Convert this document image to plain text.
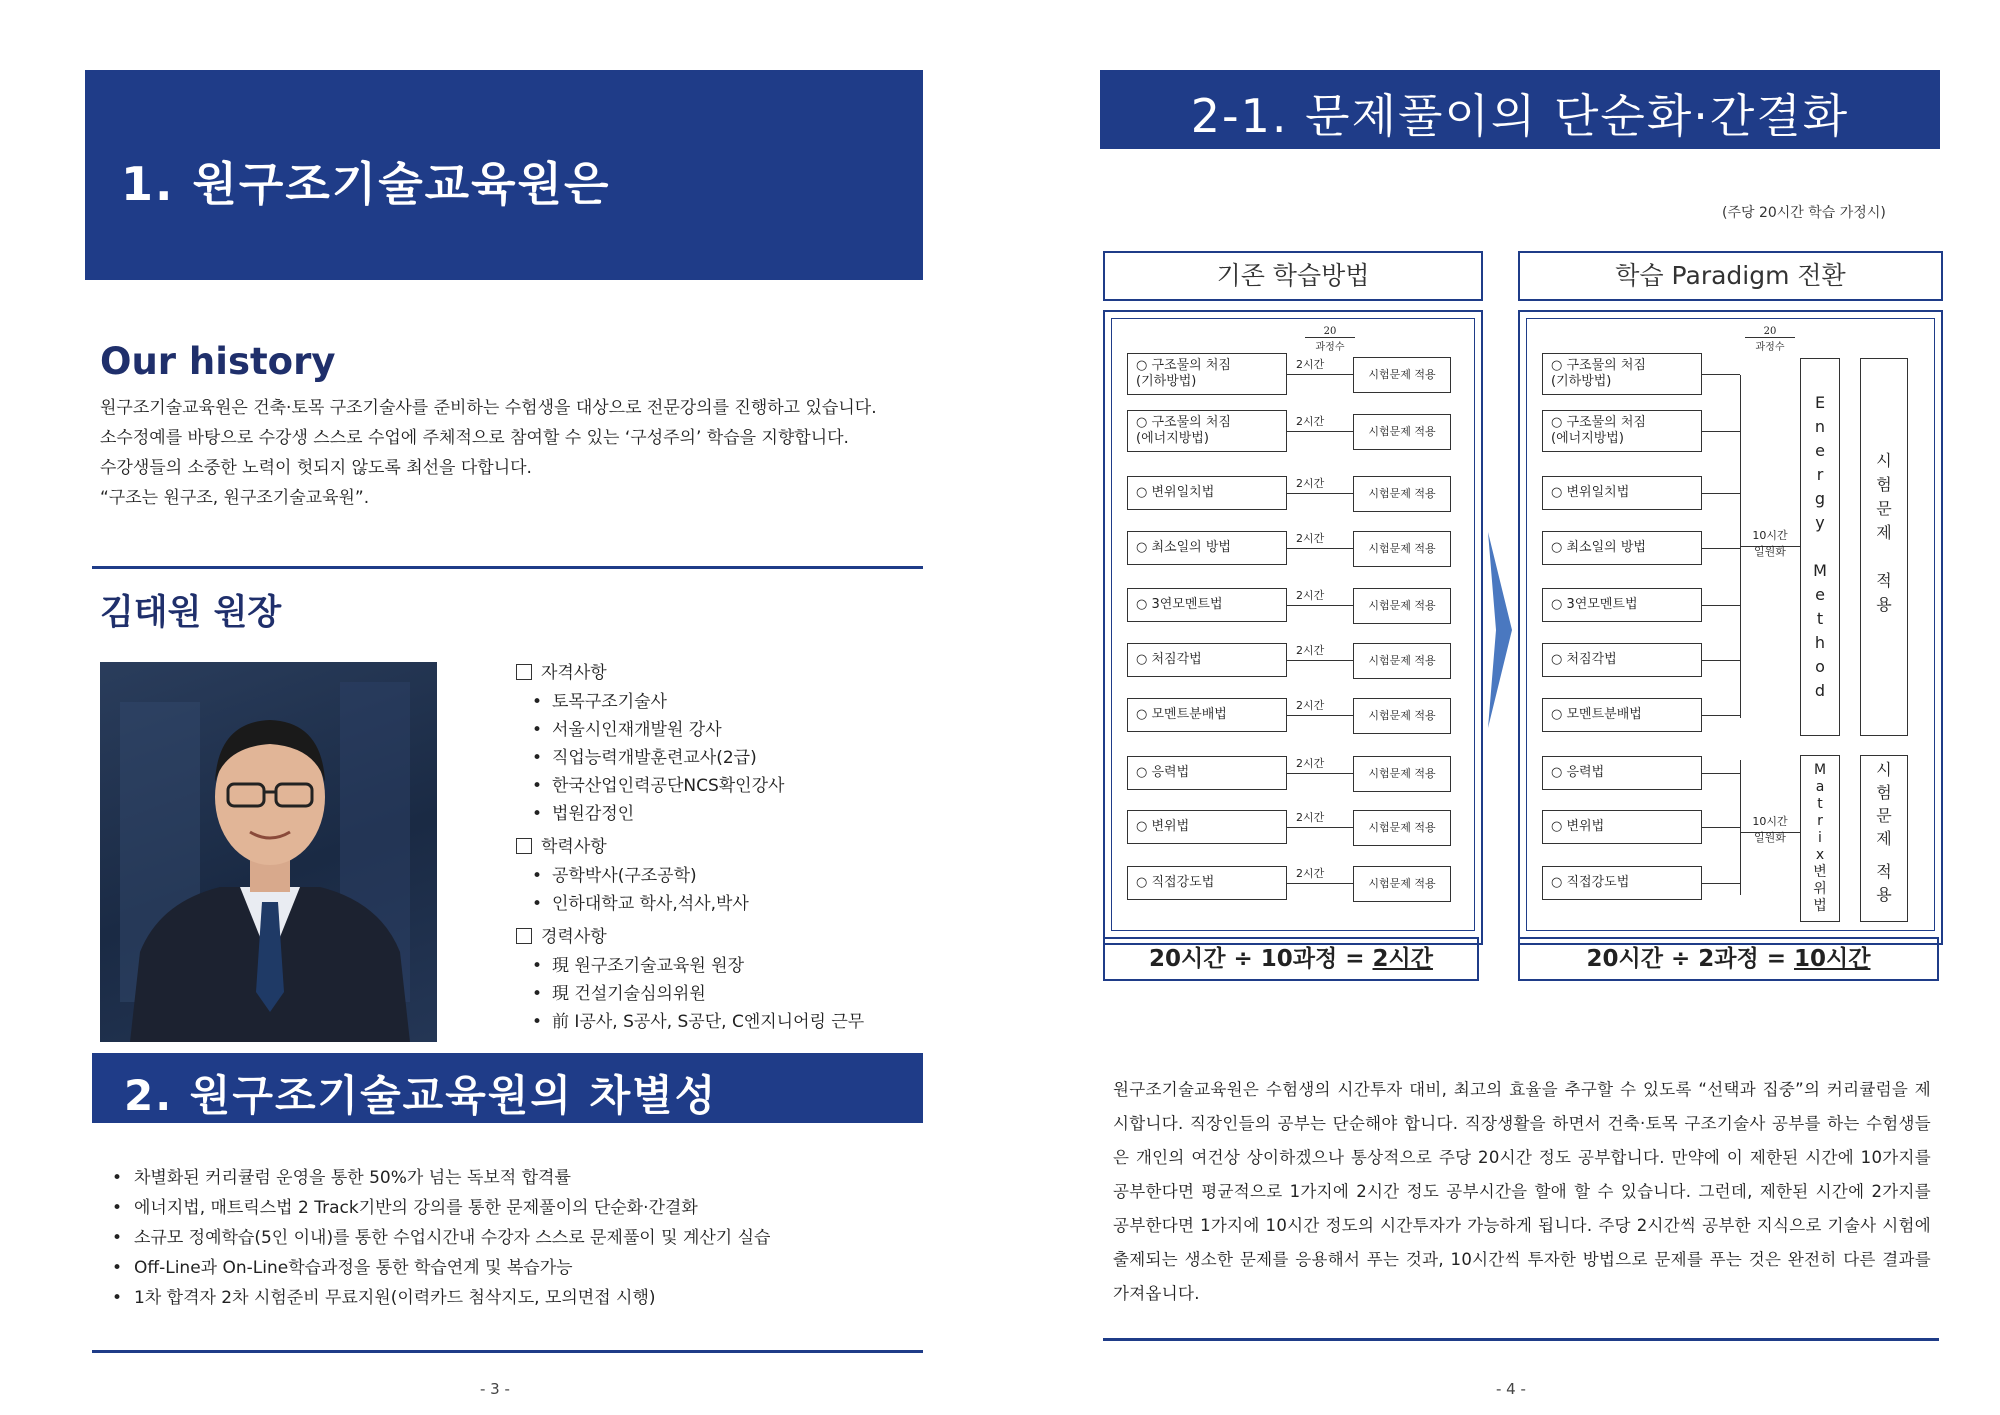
1. 원구조기술교육원은
Our history
원구조기술교육원은 건축·토목 구조기술사를 준비하는 수험생을 대상으로 전문강의를 진행하고 있습니다.
소수정예를 바탕으로 수강생 스스로 수업에 주체적으로 참여할 수 있는 ‘구성주의’ 학습을 지향합니다.
수강생들의 소중한 노력이 헛되지 않도록 최선을 다합니다.
“구조는 원구조, 원구조기술교육원”.
김태원 원장
자격사항
• 토목구조기술사
• 서울시인재개발원 강사
• 직업능력개발훈련교사(2급)
• 한국산업인력공단NCS확인강사
• 법원감정인
학력사항
• 공학박사(구조공학)
• 인하대학교 학사,석사,박사
경력사항
• 現 원구조기술교육원 원장
• 現 건설기술심의위원
• 前 I공사, S공사, S공단, C엔지니어링 근무
2. 원구조기술교육원의 차별성
• 차별화된 커리큘럼 운영을 통한 50%가 넘는 독보적 합격률
• 에너지법, 매트릭스법 2 Track기반의 강의를 통한 문제풀이의 단순화·간결화
• 소규모 정예학습(5인 이내)를 통한 수업시간내 수강자 스스로 문제풀이 및 계산기 실습
• Off-Line과 On-Line학습과정을 통한 학습연계 및 복습가능
• 1차 합격자 2차 시험준비 무료지원(이력카드 첨삭지도, 모의면접 시행)
- 3 -
2-1. 문제풀이의 단순화·간결화
(주당 20시간 학습 가정시)
기존 학습방법	학습 Paradigm 전환
20
과정수
20
과정수
○ 구조물의 처짐
(기하방법)
2시간
시험문제 적용
○ 구조물의 처짐
(에너지방법)
2시간
시험문제 적용
○ 변위일치법
2시간
시험문제 적용
○ 최소일의 방법
2시간
시험문제 적용
○ 3연모멘트법
2시간
시험문제 적용
○ 처짐각법
2시간
시험문제 적용
○ 모멘트분배법
2시간
시험문제 적용
○ 응력법
2시간
시험문제 적용
○ 변위법
2시간
시험문제 적용
○ 직접강도법
2시간
시험문제 적용
○ 구조물의 처짐
(기하방법)
○ 구조물의 처짐
(에너지방법)
○ 변위일치법
○ 최소일의 방법
○ 3연모멘트법
○ 처짐각법
○ 모멘트분배법
○ 응력법
○ 변위법
○ 직접강도법
10시간
일원화
10시간
일원화
E
n
e
r
g
y
M
e
t
h
o
d
M
a
t
r
i
x
변
위
법
시
험
문
제
적
용
시
험
문
제
적
용
20시간 ÷ 10과정 = 2시간	20시간 ÷ 2과정 = 10시간
원구조기술교육원은 수험생의 시간투자 대비, 최고의 효율을 추구할 수 있도록 “선택과 집중”의 커리큘럼을 제시합니다. 직장인들의 공부는 단순해야 합니다. 직장생활을 하면서 건축·토목 구조기술사 공부를 하는 수험생들은 개인의 여건상 상이하겠으나 통상적으로 주당 20시간 정도 공부합니다. 만약에 이 제한된 시간에 10가지를 공부한다면 평균적으로 1가지에 2시간 정도 공부시간을 할애 할 수 있습니다. 그런데, 제한된 시간에 2가지를 공부한다면 1가지에 10시간 정도의 시간투자가 가능하게 됩니다. 주당 2시간씩 공부한 지식으로 기술사 시험에 출제되는 생소한 문제를 응용해서 푸는 것과, 10시간씩 투자한 방법으로 문제를 푸는 것은 완전히 다른 결과를 가져옵니다.
- 4 -
